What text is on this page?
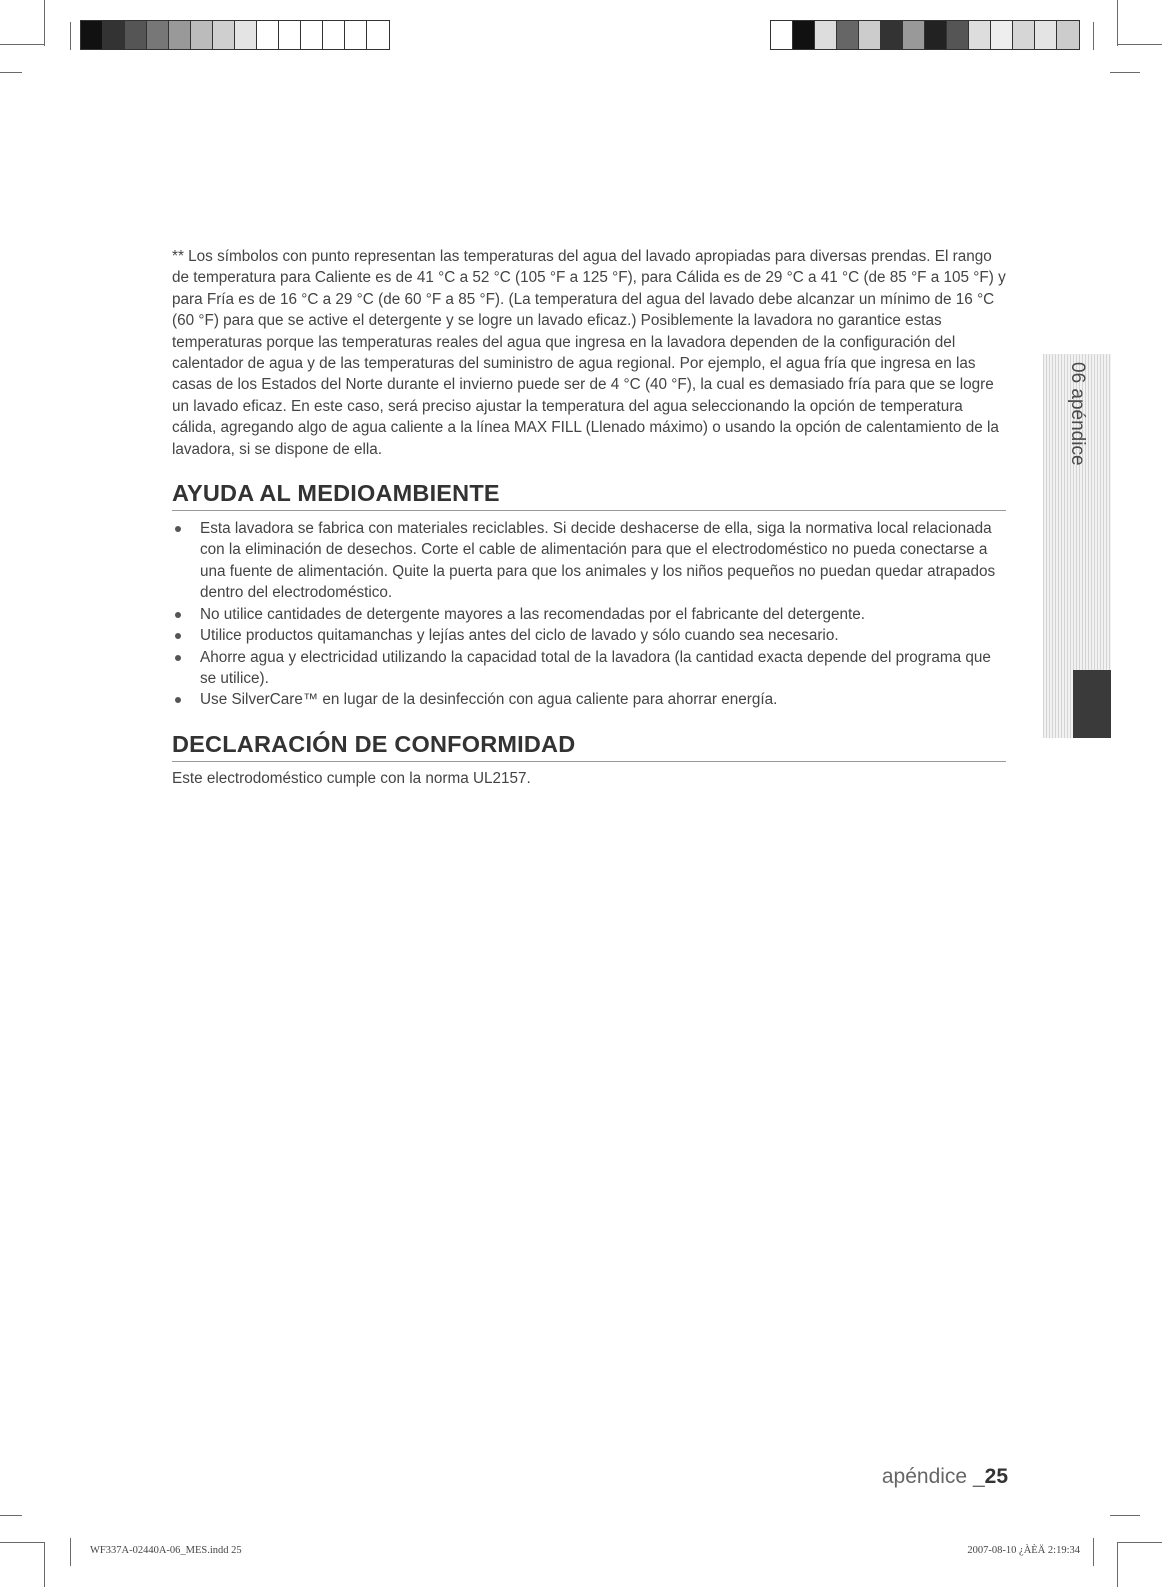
** Los símbolos con punto representan las temperaturas del agua del lavado apropiadas para diversas prendas. El rango de temperatura para Caliente es de 41 °C a 52 °C (105 °F a 125 °F), para Cálida es de 29 °C a 41 °C (de 85 °F a 105 °F) y para Fría es de 16 °C a 29 °C (de 60 °F a 85 °F). (La temperatura del agua del lavado debe alcanzar un mínimo de 16 °C (60 °F) para que se active el detergente y se logre un lavado eficaz.) Posiblemente la lavadora no garantice estas temperaturas porque las temperaturas reales del agua que ingresa en la lavadora dependen de la configuración del calentador de agua y de las temperaturas del suministro de agua regional. Por ejemplo, el agua fría que ingresa en las casas de los Estados del Norte durante el invierno puede ser de 4 °C (40 °F), la cual es demasiado fría para que se logre un lavado eficaz. En este caso, será preciso ajustar la temperatura del agua seleccionando la opción de temperatura cálida, agregando algo de agua caliente a la línea MAX FILL (Llenado máximo) o usando la opción de calentamiento de la lavadora, si se dispone de ella.

AYUDA AL MEDIOAMBIENTE
Esta lavadora se fabrica con materiales reciclables. Si decide deshacerse de ella, siga la normativa local relacionada con la eliminación de desechos. Corte el cable de alimentación para que el electrodoméstico no pueda conectarse a una fuente de alimentación. Quite la puerta para que los animales y los niños pequeños no puedan quedar atrapados dentro del electrodoméstico.
No utilice cantidades de detergente mayores a las recomendadas por el fabricante del detergente.
Utilice productos quitamanchas y lejías antes del ciclo de lavado y sólo cuando sea necesario.
Ahorre agua y electricidad utilizando la capacidad total de la lavadora (la cantidad exacta depende del programa que se utilice).
Use SilverCare™ en lugar de la desinfección con agua caliente para ahorrar energía.
DECLARACIÓN DE CONFORMIDAD

Este electrodoméstico cumple con la norma UL2157.

06 apéndice
apéndice _25
WF337A-02440A-06_MES.indd 25	2007-08-10 ¿ÀÈÄ 2:19:34
